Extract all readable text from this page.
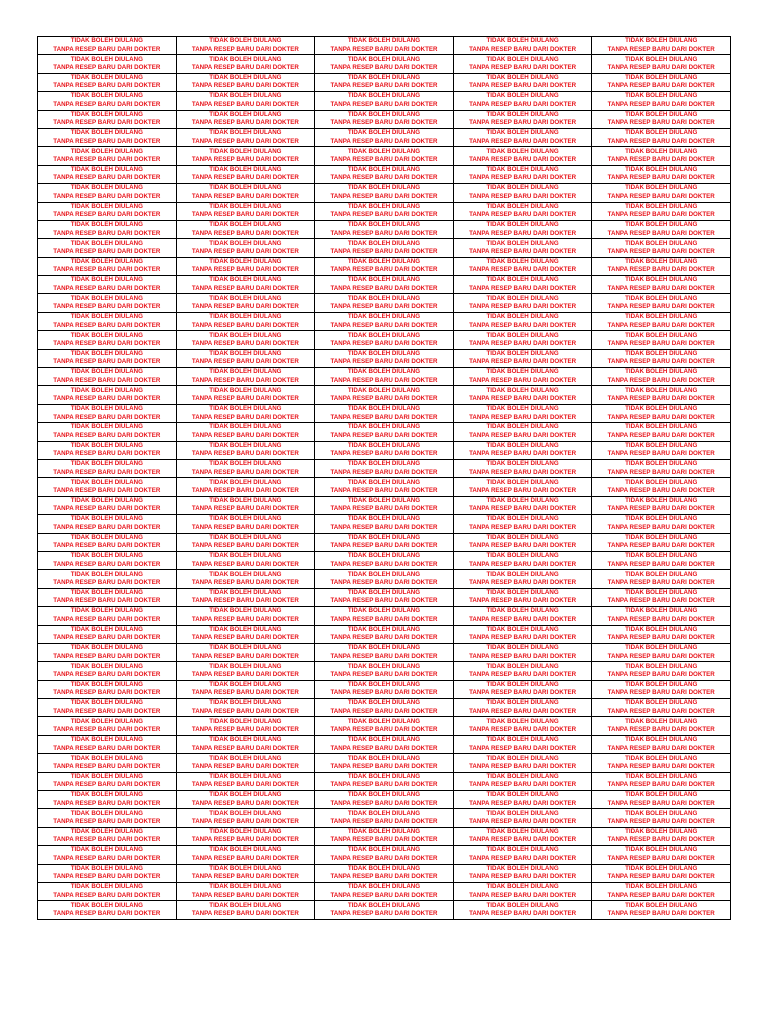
TIDAK BOLEH DIULANG
TANPA RESEP BARU DARI DOKTER	TIDAK BOLEH DIULANG
TANPA RESEP BARU DARI DOKTER	TIDAK BOLEH DIULANG
TANPA RESEP BARU DARI DOKTER	TIDAK BOLEH DIULANG
TANPA RESEP BARU DARI DOKTER	TIDAK BOLEH DIULANG
TANPA RESEP BARU DARI DOKTER

TIDAK BOLEH DIULANG
TANPA RESEP BARU DARI DOKTER	TIDAK BOLEH DIULANG
TANPA RESEP BARU DARI DOKTER	TIDAK BOLEH DIULANG
TANPA RESEP BARU DARI DOKTER	TIDAK BOLEH DIULANG
TANPA RESEP BARU DARI DOKTER	TIDAK BOLEH DIULANG
TANPA RESEP BARU DARI DOKTER

TIDAK BOLEH DIULANG
TANPA RESEP BARU DARI DOKTER	TIDAK BOLEH DIULANG
TANPA RESEP BARU DARI DOKTER	TIDAK BOLEH DIULANG
TANPA RESEP BARU DARI DOKTER	TIDAK BOLEH DIULANG
TANPA RESEP BARU DARI DOKTER	TIDAK BOLEH DIULANG
TANPA RESEP BARU DARI DOKTER

TIDAK BOLEH DIULANG
TANPA RESEP BARU DARI DOKTER	TIDAK BOLEH DIULANG
TANPA RESEP BARU DARI DOKTER	TIDAK BOLEH DIULANG
TANPA RESEP BARU DARI DOKTER	TIDAK BOLEH DIULANG
TANPA RESEP BARU DARI DOKTER	TIDAK BOLEH DIULANG
TANPA RESEP BARU DARI DOKTER

TIDAK BOLEH DIULANG
TANPA RESEP BARU DARI DOKTER	TIDAK BOLEH DIULANG
TANPA RESEP BARU DARI DOKTER	TIDAK BOLEH DIULANG
TANPA RESEP BARU DARI DOKTER	TIDAK BOLEH DIULANG
TANPA RESEP BARU DARI DOKTER	TIDAK BOLEH DIULANG
TANPA RESEP BARU DARI DOKTER

TIDAK BOLEH DIULANG
TANPA RESEP BARU DARI DOKTER	TIDAK BOLEH DIULANG
TANPA RESEP BARU DARI DOKTER	TIDAK BOLEH DIULANG
TANPA RESEP BARU DARI DOKTER	TIDAK BOLEH DIULANG
TANPA RESEP BARU DARI DOKTER	TIDAK BOLEH DIULANG
TANPA RESEP BARU DARI DOKTER

TIDAK BOLEH DIULANG
TANPA RESEP BARU DARI DOKTER	TIDAK BOLEH DIULANG
TANPA RESEP BARU DARI DOKTER	TIDAK BOLEH DIULANG
TANPA RESEP BARU DARI DOKTER	TIDAK BOLEH DIULANG
TANPA RESEP BARU DARI DOKTER	TIDAK BOLEH DIULANG
TANPA RESEP BARU DARI DOKTER

TIDAK BOLEH DIULANG
TANPA RESEP BARU DARI DOKTER	TIDAK BOLEH DIULANG
TANPA RESEP BARU DARI DOKTER	TIDAK BOLEH DIULANG
TANPA RESEP BARU DARI DOKTER	TIDAK BOLEH DIULANG
TANPA RESEP BARU DARI DOKTER	TIDAK BOLEH DIULANG
TANPA RESEP BARU DARI DOKTER

TIDAK BOLEH DIULANG
TANPA RESEP BARU DARI DOKTER	TIDAK BOLEH DIULANG
TANPA RESEP BARU DARI DOKTER	TIDAK BOLEH DIULANG
TANPA RESEP BARU DARI DOKTER	TIDAK BOLEH DIULANG
TANPA RESEP BARU DARI DOKTER	TIDAK BOLEH DIULANG
TANPA RESEP BARU DARI DOKTER

TIDAK BOLEH DIULANG
TANPA RESEP BARU DARI DOKTER	TIDAK BOLEH DIULANG
TANPA RESEP BARU DARI DOKTER	TIDAK BOLEH DIULANG
TANPA RESEP BARU DARI DOKTER	TIDAK BOLEH DIULANG
TANPA RESEP BARU DARI DOKTER	TIDAK BOLEH DIULANG
TANPA RESEP BARU DARI DOKTER

TIDAK BOLEH DIULANG
TANPA RESEP BARU DARI DOKTER	TIDAK BOLEH DIULANG
TANPA RESEP BARU DARI DOKTER	TIDAK BOLEH DIULANG
TANPA RESEP BARU DARI DOKTER	TIDAK BOLEH DIULANG
TANPA RESEP BARU DARI DOKTER	TIDAK BOLEH DIULANG
TANPA RESEP BARU DARI DOKTER

TIDAK BOLEH DIULANG
TANPA RESEP BARU DARI DOKTER	TIDAK BOLEH DIULANG
TANPA RESEP BARU DARI DOKTER	TIDAK BOLEH DIULANG
TANPA RESEP BARU DARI DOKTER	TIDAK BOLEH DIULANG
TANPA RESEP BARU DARI DOKTER	TIDAK BOLEH DIULANG
TANPA RESEP BARU DARI DOKTER

TIDAK BOLEH DIULANG
TANPA RESEP BARU DARI DOKTER	TIDAK BOLEH DIULANG
TANPA RESEP BARU DARI DOKTER	TIDAK BOLEH DIULANG
TANPA RESEP BARU DARI DOKTER	TIDAK BOLEH DIULANG
TANPA RESEP BARU DARI DOKTER	TIDAK BOLEH DIULANG
TANPA RESEP BARU DARI DOKTER

TIDAK BOLEH DIULANG
TANPA RESEP BARU DARI DOKTER	TIDAK BOLEH DIULANG
TANPA RESEP BARU DARI DOKTER	TIDAK BOLEH DIULANG
TANPA RESEP BARU DARI DOKTER	TIDAK BOLEH DIULANG
TANPA RESEP BARU DARI DOKTER	TIDAK BOLEH DIULANG
TANPA RESEP BARU DARI DOKTER

TIDAK BOLEH DIULANG
TANPA RESEP BARU DARI DOKTER	TIDAK BOLEH DIULANG
TANPA RESEP BARU DARI DOKTER	TIDAK BOLEH DIULANG
TANPA RESEP BARU DARI DOKTER	TIDAK BOLEH DIULANG
TANPA RESEP BARU DARI DOKTER	TIDAK BOLEH DIULANG
TANPA RESEP BARU DARI DOKTER

TIDAK BOLEH DIULANG
TANPA RESEP BARU DARI DOKTER	TIDAK BOLEH DIULANG
TANPA RESEP BARU DARI DOKTER	TIDAK BOLEH DIULANG
TANPA RESEP BARU DARI DOKTER	TIDAK BOLEH DIULANG
TANPA RESEP BARU DARI DOKTER	TIDAK BOLEH DIULANG
TANPA RESEP BARU DARI DOKTER

TIDAK BOLEH DIULANG
TANPA RESEP BARU DARI DOKTER	TIDAK BOLEH DIULANG
TANPA RESEP BARU DARI DOKTER	TIDAK BOLEH DIULANG
TANPA RESEP BARU DARI DOKTER	TIDAK BOLEH DIULANG
TANPA RESEP BARU DARI DOKTER	TIDAK BOLEH DIULANG
TANPA RESEP BARU DARI DOKTER

TIDAK BOLEH DIULANG
TANPA RESEP BARU DARI DOKTER	TIDAK BOLEH DIULANG
TANPA RESEP BARU DARI DOKTER	TIDAK BOLEH DIULANG
TANPA RESEP BARU DARI DOKTER	TIDAK BOLEH DIULANG
TANPA RESEP BARU DARI DOKTER	TIDAK BOLEH DIULANG
TANPA RESEP BARU DARI DOKTER

TIDAK BOLEH DIULANG
TANPA RESEP BARU DARI DOKTER	TIDAK BOLEH DIULANG
TANPA RESEP BARU DARI DOKTER	TIDAK BOLEH DIULANG
TANPA RESEP BARU DARI DOKTER	TIDAK BOLEH DIULANG
TANPA RESEP BARU DARI DOKTER	TIDAK BOLEH DIULANG
TANPA RESEP BARU DARI DOKTER

TIDAK BOLEH DIULANG
TANPA RESEP BARU DARI DOKTER	TIDAK BOLEH DIULANG
TANPA RESEP BARU DARI DOKTER	TIDAK BOLEH DIULANG
TANPA RESEP BARU DARI DOKTER	TIDAK BOLEH DIULANG
TANPA RESEP BARU DARI DOKTER	TIDAK BOLEH DIULANG
TANPA RESEP BARU DARI DOKTER

TIDAK BOLEH DIULANG
TANPA RESEP BARU DARI DOKTER	TIDAK BOLEH DIULANG
TANPA RESEP BARU DARI DOKTER	TIDAK BOLEH DIULANG
TANPA RESEP BARU DARI DOKTER	TIDAK BOLEH DIULANG
TANPA RESEP BARU DARI DOKTER	TIDAK BOLEH DIULANG
TANPA RESEP BARU DARI DOKTER

TIDAK BOLEH DIULANG
TANPA RESEP BARU DARI DOKTER	TIDAK BOLEH DIULANG
TANPA RESEP BARU DARI DOKTER	TIDAK BOLEH DIULANG
TANPA RESEP BARU DARI DOKTER	TIDAK BOLEH DIULANG
TANPA RESEP BARU DARI DOKTER	TIDAK BOLEH DIULANG
TANPA RESEP BARU DARI DOKTER

TIDAK BOLEH DIULANG
TANPA RESEP BARU DARI DOKTER	TIDAK BOLEH DIULANG
TANPA RESEP BARU DARI DOKTER	TIDAK BOLEH DIULANG
TANPA RESEP BARU DARI DOKTER	TIDAK BOLEH DIULANG
TANPA RESEP BARU DARI DOKTER	TIDAK BOLEH DIULANG
TANPA RESEP BARU DARI DOKTER

TIDAK BOLEH DIULANG
TANPA RESEP BARU DARI DOKTER	TIDAK BOLEH DIULANG
TANPA RESEP BARU DARI DOKTER	TIDAK BOLEH DIULANG
TANPA RESEP BARU DARI DOKTER	TIDAK BOLEH DIULANG
TANPA RESEP BARU DARI DOKTER	TIDAK BOLEH DIULANG
TANPA RESEP BARU DARI DOKTER

TIDAK BOLEH DIULANG
TANPA RESEP BARU DARI DOKTER	TIDAK BOLEH DIULANG
TANPA RESEP BARU DARI DOKTER	TIDAK BOLEH DIULANG
TANPA RESEP BARU DARI DOKTER	TIDAK BOLEH DIULANG
TANPA RESEP BARU DARI DOKTER	TIDAK BOLEH DIULANG
TANPA RESEP BARU DARI DOKTER

TIDAK BOLEH DIULANG
TANPA RESEP BARU DARI DOKTER	TIDAK BOLEH DIULANG
TANPA RESEP BARU DARI DOKTER	TIDAK BOLEH DIULANG
TANPA RESEP BARU DARI DOKTER	TIDAK BOLEH DIULANG
TANPA RESEP BARU DARI DOKTER	TIDAK BOLEH DIULANG
TANPA RESEP BARU DARI DOKTER

TIDAK BOLEH DIULANG
TANPA RESEP BARU DARI DOKTER	TIDAK BOLEH DIULANG
TANPA RESEP BARU DARI DOKTER	TIDAK BOLEH DIULANG
TANPA RESEP BARU DARI DOKTER	TIDAK BOLEH DIULANG
TANPA RESEP BARU DARI DOKTER	TIDAK BOLEH DIULANG
TANPA RESEP BARU DARI DOKTER

TIDAK BOLEH DIULANG
TANPA RESEP BARU DARI DOKTER	TIDAK BOLEH DIULANG
TANPA RESEP BARU DARI DOKTER	TIDAK BOLEH DIULANG
TANPA RESEP BARU DARI DOKTER	TIDAK BOLEH DIULANG
TANPA RESEP BARU DARI DOKTER	TIDAK BOLEH DIULANG
TANPA RESEP BARU DARI DOKTER

TIDAK BOLEH DIULANG
TANPA RESEP BARU DARI DOKTER	TIDAK BOLEH DIULANG
TANPA RESEP BARU DARI DOKTER	TIDAK BOLEH DIULANG
TANPA RESEP BARU DARI DOKTER	TIDAK BOLEH DIULANG
TANPA RESEP BARU DARI DOKTER	TIDAK BOLEH DIULANG
TANPA RESEP BARU DARI DOKTER

TIDAK BOLEH DIULANG
TANPA RESEP BARU DARI DOKTER	TIDAK BOLEH DIULANG
TANPA RESEP BARU DARI DOKTER	TIDAK BOLEH DIULANG
TANPA RESEP BARU DARI DOKTER	TIDAK BOLEH DIULANG
TANPA RESEP BARU DARI DOKTER	TIDAK BOLEH DIULANG
TANPA RESEP BARU DARI DOKTER

TIDAK BOLEH DIULANG
TANPA RESEP BARU DARI DOKTER	TIDAK BOLEH DIULANG
TANPA RESEP BARU DARI DOKTER	TIDAK BOLEH DIULANG
TANPA RESEP BARU DARI DOKTER	TIDAK BOLEH DIULANG
TANPA RESEP BARU DARI DOKTER	TIDAK BOLEH DIULANG
TANPA RESEP BARU DARI DOKTER

TIDAK BOLEH DIULANG
TANPA RESEP BARU DARI DOKTER	TIDAK BOLEH DIULANG
TANPA RESEP BARU DARI DOKTER	TIDAK BOLEH DIULANG
TANPA RESEP BARU DARI DOKTER	TIDAK BOLEH DIULANG
TANPA RESEP BARU DARI DOKTER	TIDAK BOLEH DIULANG
TANPA RESEP BARU DARI DOKTER

TIDAK BOLEH DIULANG
TANPA RESEP BARU DARI DOKTER	TIDAK BOLEH DIULANG
TANPA RESEP BARU DARI DOKTER	TIDAK BOLEH DIULANG
TANPA RESEP BARU DARI DOKTER	TIDAK BOLEH DIULANG
TANPA RESEP BARU DARI DOKTER	TIDAK BOLEH DIULANG
TANPA RESEP BARU DARI DOKTER

TIDAK BOLEH DIULANG
TANPA RESEP BARU DARI DOKTER	TIDAK BOLEH DIULANG
TANPA RESEP BARU DARI DOKTER	TIDAK BOLEH DIULANG
TANPA RESEP BARU DARI DOKTER	TIDAK BOLEH DIULANG
TANPA RESEP BARU DARI DOKTER	TIDAK BOLEH DIULANG
TANPA RESEP BARU DARI DOKTER

TIDAK BOLEH DIULANG
TANPA RESEP BARU DARI DOKTER	TIDAK BOLEH DIULANG
TANPA RESEP BARU DARI DOKTER	TIDAK BOLEH DIULANG
TANPA RESEP BARU DARI DOKTER	TIDAK BOLEH DIULANG
TANPA RESEP BARU DARI DOKTER	TIDAK BOLEH DIULANG
TANPA RESEP BARU DARI DOKTER

TIDAK BOLEH DIULANG
TANPA RESEP BARU DARI DOKTER	TIDAK BOLEH DIULANG
TANPA RESEP BARU DARI DOKTER	TIDAK BOLEH DIULANG
TANPA RESEP BARU DARI DOKTER	TIDAK BOLEH DIULANG
TANPA RESEP BARU DARI DOKTER	TIDAK BOLEH DIULANG
TANPA RESEP BARU DARI DOKTER

TIDAK BOLEH DIULANG
TANPA RESEP BARU DARI DOKTER	TIDAK BOLEH DIULANG
TANPA RESEP BARU DARI DOKTER	TIDAK BOLEH DIULANG
TANPA RESEP BARU DARI DOKTER	TIDAK BOLEH DIULANG
TANPA RESEP BARU DARI DOKTER	TIDAK BOLEH DIULANG
TANPA RESEP BARU DARI DOKTER

TIDAK BOLEH DIULANG
TANPA RESEP BARU DARI DOKTER	TIDAK BOLEH DIULANG
TANPA RESEP BARU DARI DOKTER	TIDAK BOLEH DIULANG
TANPA RESEP BARU DARI DOKTER	TIDAK BOLEH DIULANG
TANPA RESEP BARU DARI DOKTER	TIDAK BOLEH DIULANG
TANPA RESEP BARU DARI DOKTER

TIDAK BOLEH DIULANG
TANPA RESEP BARU DARI DOKTER	TIDAK BOLEH DIULANG
TANPA RESEP BARU DARI DOKTER	TIDAK BOLEH DIULANG
TANPA RESEP BARU DARI DOKTER	TIDAK BOLEH DIULANG
TANPA RESEP BARU DARI DOKTER	TIDAK BOLEH DIULANG
TANPA RESEP BARU DARI DOKTER

TIDAK BOLEH DIULANG
TANPA RESEP BARU DARI DOKTER	TIDAK BOLEH DIULANG
TANPA RESEP BARU DARI DOKTER	TIDAK BOLEH DIULANG
TANPA RESEP BARU DARI DOKTER	TIDAK BOLEH DIULANG
TANPA RESEP BARU DARI DOKTER	TIDAK BOLEH DIULANG
TANPA RESEP BARU DARI DOKTER

TIDAK BOLEH DIULANG
TANPA RESEP BARU DARI DOKTER	TIDAK BOLEH DIULANG
TANPA RESEP BARU DARI DOKTER	TIDAK BOLEH DIULANG
TANPA RESEP BARU DARI DOKTER	TIDAK BOLEH DIULANG
TANPA RESEP BARU DARI DOKTER	TIDAK BOLEH DIULANG
TANPA RESEP BARU DARI DOKTER

TIDAK BOLEH DIULANG
TANPA RESEP BARU DARI DOKTER	TIDAK BOLEH DIULANG
TANPA RESEP BARU DARI DOKTER	TIDAK BOLEH DIULANG
TANPA RESEP BARU DARI DOKTER	TIDAK BOLEH DIULANG
TANPA RESEP BARU DARI DOKTER	TIDAK BOLEH DIULANG
TANPA RESEP BARU DARI DOKTER

TIDAK BOLEH DIULANG
TANPA RESEP BARU DARI DOKTER	TIDAK BOLEH DIULANG
TANPA RESEP BARU DARI DOKTER	TIDAK BOLEH DIULANG
TANPA RESEP BARU DARI DOKTER	TIDAK BOLEH DIULANG
TANPA RESEP BARU DARI DOKTER	TIDAK BOLEH DIULANG
TANPA RESEP BARU DARI DOKTER

TIDAK BOLEH DIULANG
TANPA RESEP BARU DARI DOKTER	TIDAK BOLEH DIULANG
TANPA RESEP BARU DARI DOKTER	TIDAK BOLEH DIULANG
TANPA RESEP BARU DARI DOKTER	TIDAK BOLEH DIULANG
TANPA RESEP BARU DARI DOKTER	TIDAK BOLEH DIULANG
TANPA RESEP BARU DARI DOKTER

TIDAK BOLEH DIULANG
TANPA RESEP BARU DARI DOKTER	TIDAK BOLEH DIULANG
TANPA RESEP BARU DARI DOKTER	TIDAK BOLEH DIULANG
TANPA RESEP BARU DARI DOKTER	TIDAK BOLEH DIULANG
TANPA RESEP BARU DARI DOKTER	TIDAK BOLEH DIULANG
TANPA RESEP BARU DARI DOKTER

TIDAK BOLEH DIULANG
TANPA RESEP BARU DARI DOKTER	TIDAK BOLEH DIULANG
TANPA RESEP BARU DARI DOKTER	TIDAK BOLEH DIULANG
TANPA RESEP BARU DARI DOKTER	TIDAK BOLEH DIULANG
TANPA RESEP BARU DARI DOKTER	TIDAK BOLEH DIULANG
TANPA RESEP BARU DARI DOKTER

TIDAK BOLEH DIULANG
TANPA RESEP BARU DARI DOKTER	TIDAK BOLEH DIULANG
TANPA RESEP BARU DARI DOKTER	TIDAK BOLEH DIULANG
TANPA RESEP BARU DARI DOKTER	TIDAK BOLEH DIULANG
TANPA RESEP BARU DARI DOKTER	TIDAK BOLEH DIULANG
TANPA RESEP BARU DARI DOKTER

TIDAK BOLEH DIULANG
TANPA RESEP BARU DARI DOKTER	TIDAK BOLEH DIULANG
TANPA RESEP BARU DARI DOKTER	TIDAK BOLEH DIULANG
TANPA RESEP BARU DARI DOKTER	TIDAK BOLEH DIULANG
TANPA RESEP BARU DARI DOKTER	TIDAK BOLEH DIULANG
TANPA RESEP BARU DARI DOKTER
